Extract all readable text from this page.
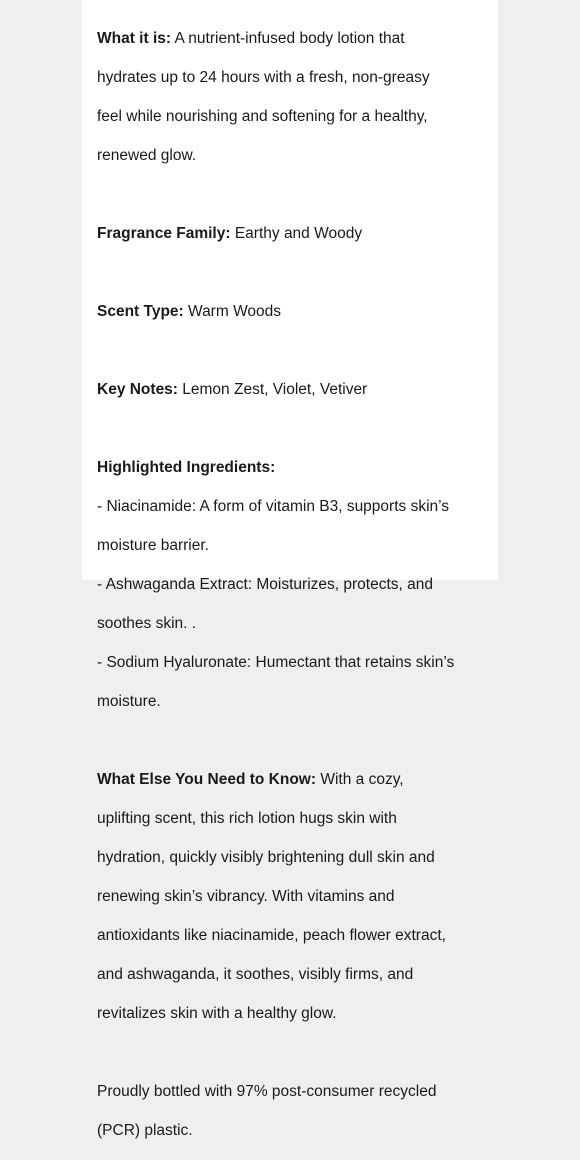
What it is: A nutrient-infused body lotion that

hydrates up to 24 hours with a fresh, non-greasy

feel while nourishing and softening for a healthy,

renewed glow.

Fragrance Family: Earthy and Woody

Scent Type: Warm Woods

Key Notes: Lemon Zest, Violet, Vetiver

Highlighted Ingredients:

- Niacinamide: A form of vitamin B3, supports skin’s

moisture barrier.

- Ashwaganda Extract: Moisturizes, protects, and

soothes skin. .

- Sodium Hyaluronate: Humectant that retains skin’s

moisture.

What Else You Need to Know: With a cozy,

uplifting scent, this rich lotion hugs skin with

hydration, quickly visibly brightening dull skin and

renewing skin’s vibrancy. With vitamins and

antioxidants like niacinamide, peach flower extract,

and ashwaganda, it soothes, visibly firms, and

revitalizes skin with a healthy glow.

Proudly bottled with 97% post-consumer recycled

(PCR) plastic.
